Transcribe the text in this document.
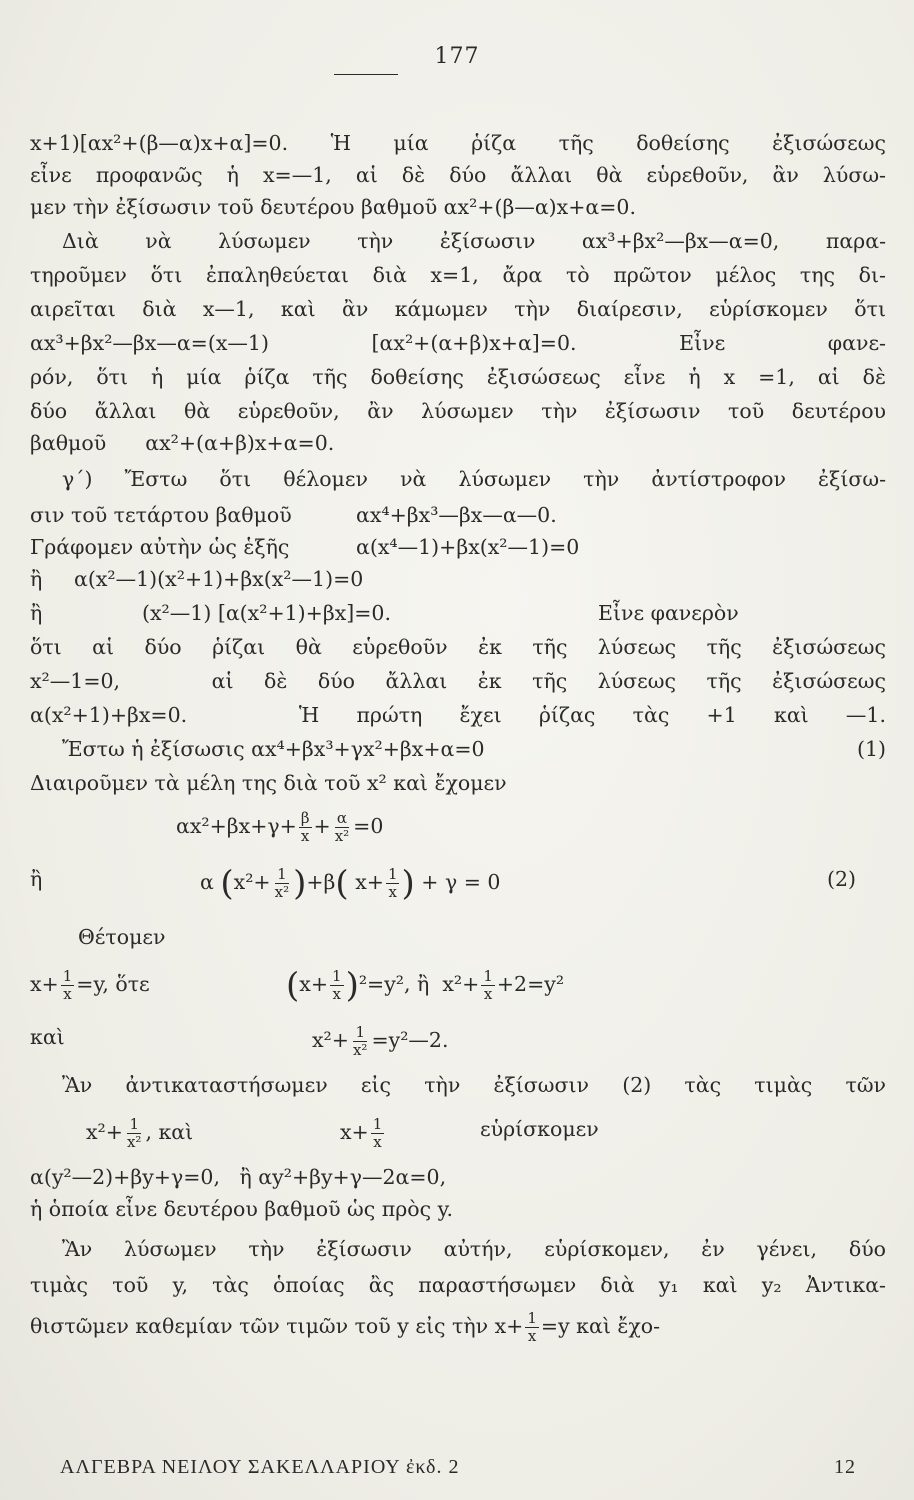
177
x+1)[αx²+(β—α)x+α]=0. Ἡ μία ῥίζα τῆς δοθείσης ἐξισώσεως
εἶνε προφανῶς ἡ x=—1, αἱ δὲ δύο ἄλλαι θὰ εὑρεθοῦν, ἂν λύσω-
μεν τὴν ἐξίσωσιν τοῦ δευτέρου βαθμοῦ αx²+(β—α)x+α=0.
Διὰ νὰ λύσωμεν τὴν ἐξίσωσιν αx³+βx²—βx—α=0, παρα-
τηροῦμεν ὅτι ἐπαληθεύεται διὰ x=1, ἄρα τὸ πρῶτον μέλος της δι-
αιρεῖται διὰ x—1, καὶ ἂν κάμωμεν τὴν διαίρεσιν, εὑρίσκομεν ὅτι
αx³+βx²—βx—α=(x—1) [αx²+(α+β)x+α]=0. Εἶνε φανε-
ρόν, ὅτι ἡ μία ῥίζα τῆς δοθείσης ἐξισώσεως εἶνε ἡ x =1, αἱ δὲ
δύο ἄλλαι θὰ εὑρεθοῦν, ἂν λύσωμεν τὴν ἐξίσωσιν τοῦ δευτέρου
βαθμοῦ      αx²+(α+β)x+α=0.
γ΄) Ἔστω ὅτι θέλομεν νὰ λύσωμεν τὴν ἀντίστροφον ἐξίσω-
σιν τοῦ τετάρτου βαθμοῦ	αx⁴+βx³—βx—α—0.
Γράφομεν αὐτὴν ὡς ἑξῆς	α(x⁴—1)+βx(x²—1)=0
ἢ α(x²—1)(x²+1)+βx(x²—1)=0
ἢ	(x²—1) [α(x²+1)+βx]=0.	Εἶνε φανερὸν
ὅτι αἱ δύο ῥίζαι θὰ εὑρεθοῦν ἐκ τῆς λύσεως τῆς ἐξισώσεως
x²—1=0,   αἱ δὲ δύο ἄλλαι ἐκ τῆς λύσεως τῆς ἐξισώσεως
α(x²+1)+βx=0.   Ἡ πρώτη ἔχει ῥίζας τὰς +1 καὶ —1.
Ἔστω ἡ ἐξίσωσις αx⁴+βx³+γx²+βx+α=0	(1)
Διαιροῦμεν τὰ μέλη της διὰ τοῦ x² καὶ ἔχομεν
$\alpha x^2+\beta x+\gamma+ \frac{\beta}{x} + \frac{\alpha}{\text{x²}} =0$
ἢ	α $(x^2+ \frac{1}{\text{x²}} )+\beta$( $x+ \frac{1}{x}$ ) + γ = 0	(2)
Θέτομεν
$x+ \frac{1}{x} =y$, ὅτε	$(x+ \frac{1}{x} )^2=y^2$, ἢ  $x^2+ \frac{1}{x} +2=y^2$
καὶ	$x^2+ \frac{1}{\text{x²}}$ =y²—2.
Ἂν ἀντικαταστήσωμεν εἰς τὴν ἐξίσωσιν (2) τὰς τιμὰς τῶν
$x^2+ \frac{1}{\text{x²}}$ , καὶ	$x+ \frac{1}{x}$	εὑρίσκομεν
α(y²—2)+βy+γ=0,   ἢ αy²+βy+γ—2α=0,
ἡ ὁποία εἶνε δευτέρου βαθμοῦ ὡς πρὸς y.
Ἂν λύσωμεν τὴν ἐξίσωσιν αὐτήν, εὑρίσκομεν, ἐν γένει, δύο
τιμὰς τοῦ y, τὰς ὁποίας ἂς παραστήσωμεν διὰ y₁ καὶ y₂ Ἀντικα-
θιστῶμεν καθεμίαν τῶν τιμῶν τοῦ y εἰς τὴν $x+ \frac{1}{x} =y$ καὶ ἔχο-
ΑΛΓΕΒΡΑ ΝΕΙΛΟΥ ΣΑΚΕΛΛΑΡΙΟΥ ἐκδ. 2	12
